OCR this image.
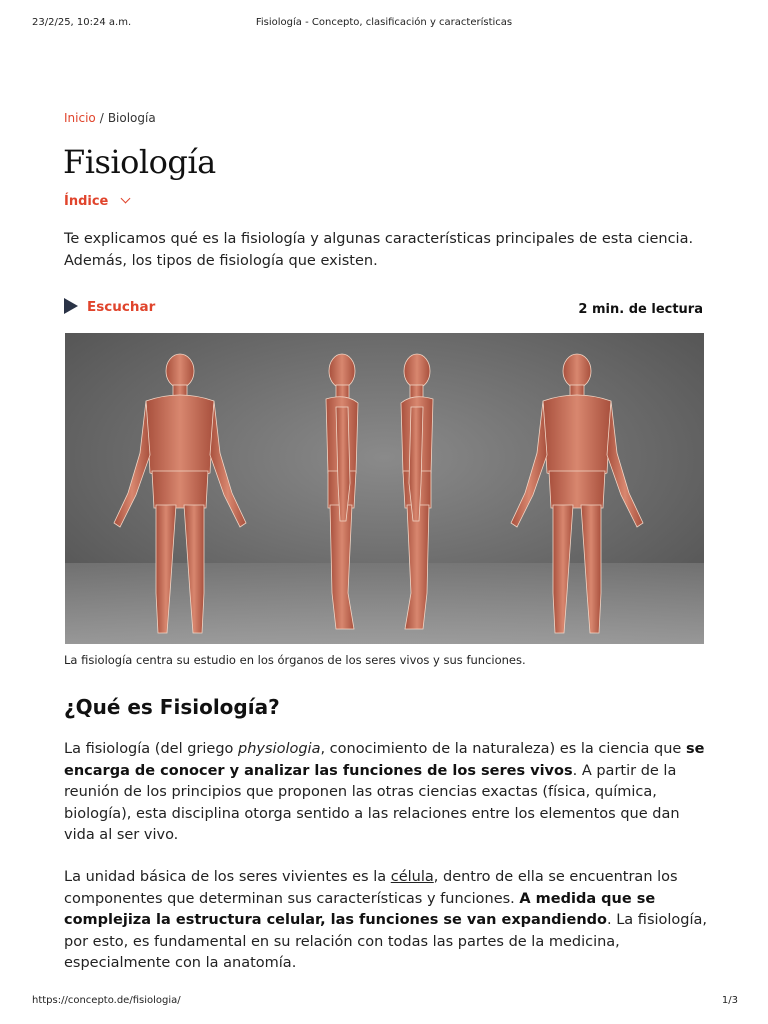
23/2/25, 10:24 a.m.	Fisiología - Concepto, clasificación y características
Inicio / Biología
Fisiología
Índice
Te explicamos qué es la fisiología y algunas características principales de esta ciencia. Además, los tipos de fisiología que existen.
Escuchar	2 min. de lectura
La fisiología centra su estudio en los órganos de los seres vivos y sus funciones.
¿Qué es Fisiología?
La fisiología (del griego physiologia, conocimiento de la naturaleza) es la ciencia que se encarga de conocer y analizar las funciones de los seres vivos. A partir de la reunión de los principios que proponen las otras ciencias exactas (física, química, biología), esta disciplina otorga sentido a las relaciones entre los elementos que dan vida al ser vivo.
La unidad básica de los seres vivientes es la célula, dentro de ella se encuentran los componentes que determinan sus características y funciones. A medida que se complejiza la estructura celular, las funciones se van expandiendo. La fisiología, por esto, es fundamental en su relación con todas las partes de la medicina, especialmente con la anatomía.
https://concepto.de/fisiologia/	1/3
